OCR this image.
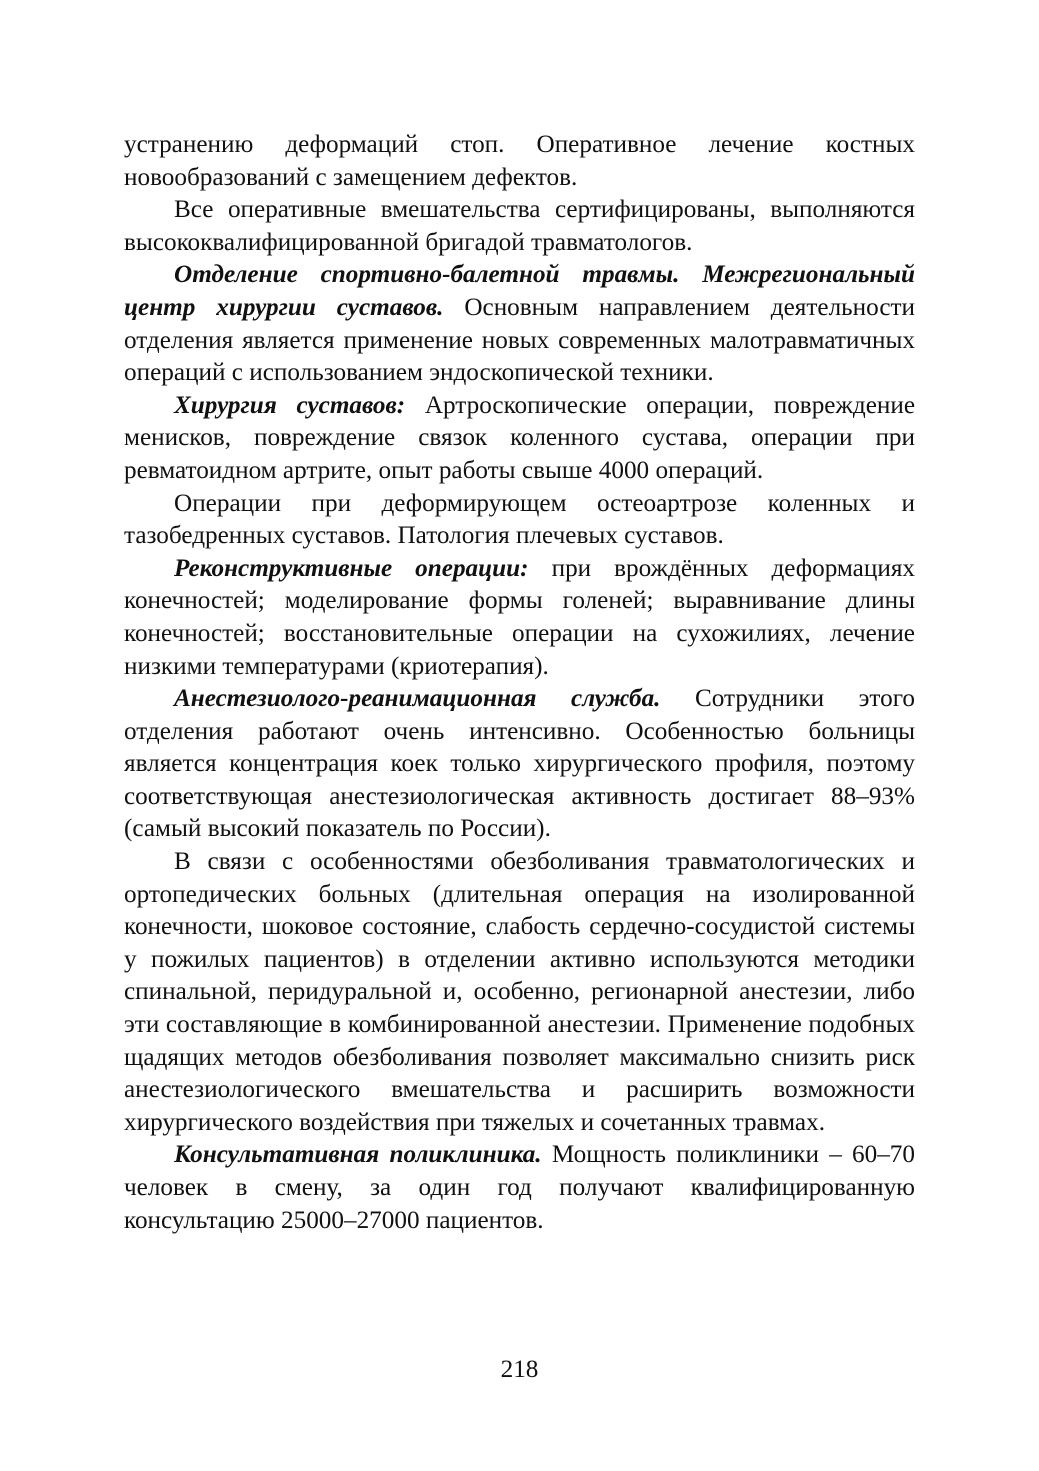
устранению деформаций стоп. Оперативное лечение костных новообразований с замещением дефектов.

Все оперативные вмешательства сертифицированы, выполняются высококвалифицированной бригадой травматологов.

Отделение спортивно-балетной травмы. Межрегиональный центр хирургии суставов. Основным направлением деятельности отделения является применение новых современных малотравматичных операций с использованием эндоскопической техники.

Хирургия суставов: Артроскопические операции, повреждение менисков, повреждение связок коленного сустава, операции при ревматоидном артрите, опыт работы свыше 4000 операций.

Операции при деформирующем остеоартрозе коленных и тазобедренных суставов. Патология плечевых суставов.

Реконструктивные операции: при врождённых деформациях конечностей; моделирование формы голеней; выравнивание длины конечностей; восстановительные операции на сухожилиях, лечение низкими температурами (криотерапия).

Анестезиолого-реанимационная служба. Сотрудники этого отделения работают очень интенсивно. Особенностью больницы является концентрация коек только хирургического профиля, поэтому соответствующая анестезиологическая активность достигает 88–93% (самый высокий показатель по России).

В связи с особенностями обезболивания травматологических и ортопедических больных (длительная операция на изолированной конечности, шоковое состояние, слабость сердечно-сосудистой системы у пожилых пациентов) в отделении активно используются методики спинальной, перидуральной и, особенно, регионарной анестезии, либо эти составляющие в комбинированной анестезии. Применение подобных щадящих методов обезболивания позволяет максимально снизить риск анестезиологического вмешательства и расширить возможности хирургического воздействия при тяжелых и сочетанных травмах.

Консультативная поликлиника. Мощность поликлиники – 60–70 человек в смену, за один год получают квалифицированную консультацию 25000–27000 пациентов.

218
